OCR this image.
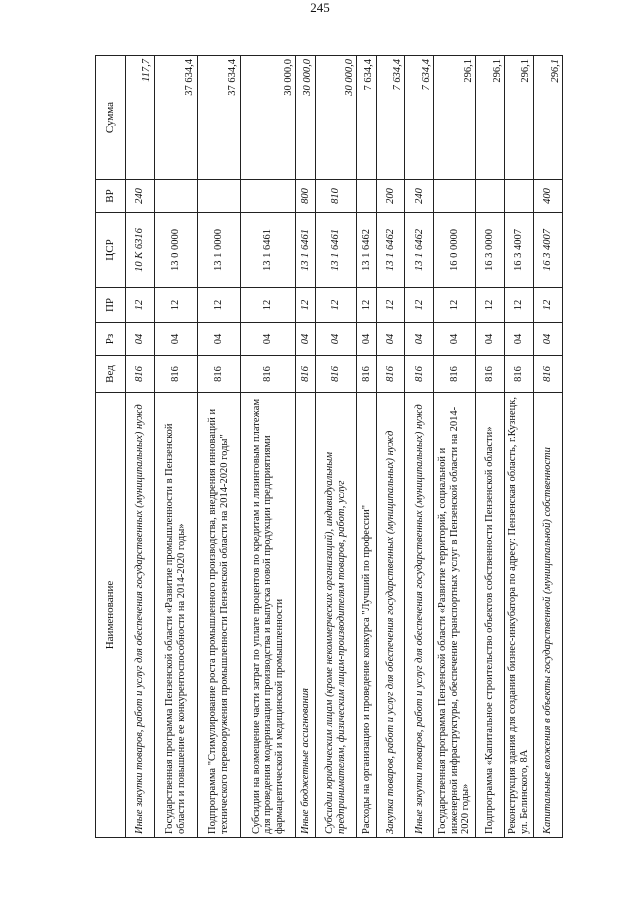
245
Наименование	Вед	Рз	ПР	ЦСР	ВР	Сумма
Иные закупки товаров, работ и услуг для обеспечения государственных (муниципальных) нужд	816	04	12	10 К 6316	240	117,7
Государственная программа Пензенской области «Развитие промышленности в Пензенской области и повышение ее конкурентоспособности на 2014-2020 годы»	816	04	12	13 0 0000		37 634,4
Подпрограмма "Стимулирование роста промышленного производства, внедрения инноваций и технического перевооружения промышленности Пензенской области на 2014-2020 годы"	816	04	12	13 1 0000		37 634,4
Субсидии на возмещение части затрат по уплате процентов по кредитам и лизинговым платежам для проведения модернизации производства и выпуска новой продукции предприятиями фармацевтической и медицинской промышленности	816	04	12	13 1 6461		30 000,0
Иные бюджетные ассигнования	816	04	12	13 1 6461	800	30 000,0
Субсидии юридическим лицам (кроме некоммерческих организаций), индивидуальным предпринимателям, физическим лицам-производителям товаров, работ, услуг	816	04	12	13 1 6461	810	30 000,0
Расходы на организацию и проведение конкурса "Лучший по профессии"	816	04	12	13 1 6462		7 634,4
Закупка товаров, работ и услуг для обеспечения государственных (муниципальных) нужд	816	04	12	13 1 6462	200	7 634,4
Иные закупки товаров, работ и услуг для обеспечения государственных (муниципальных) нужд	816	04	12	13 1 6462	240	7 634,4
Государственная программа Пензенской области «Развитие территорий, социальной и инженерной инфраструктуры, обеспечение транспортных услуг в Пензенской области на 2014-2020 годы»	816	04	12	16 0 0000		296,1
Подпрограмма «Капитальное строительство объектов собственности Пензенской области»	816	04	12	16 3 0000		296,1
Реконструкция здания для создания бизнес-инкубатора по адресу: Пензенская область, г.Кузнецк, ул. Белинского, 8А	816	04	12	16 3 4007		296,1
Капитальные вложения в объекты государственной (муниципальной) собственности	816	04	12	16 3 4007	400	296,1
